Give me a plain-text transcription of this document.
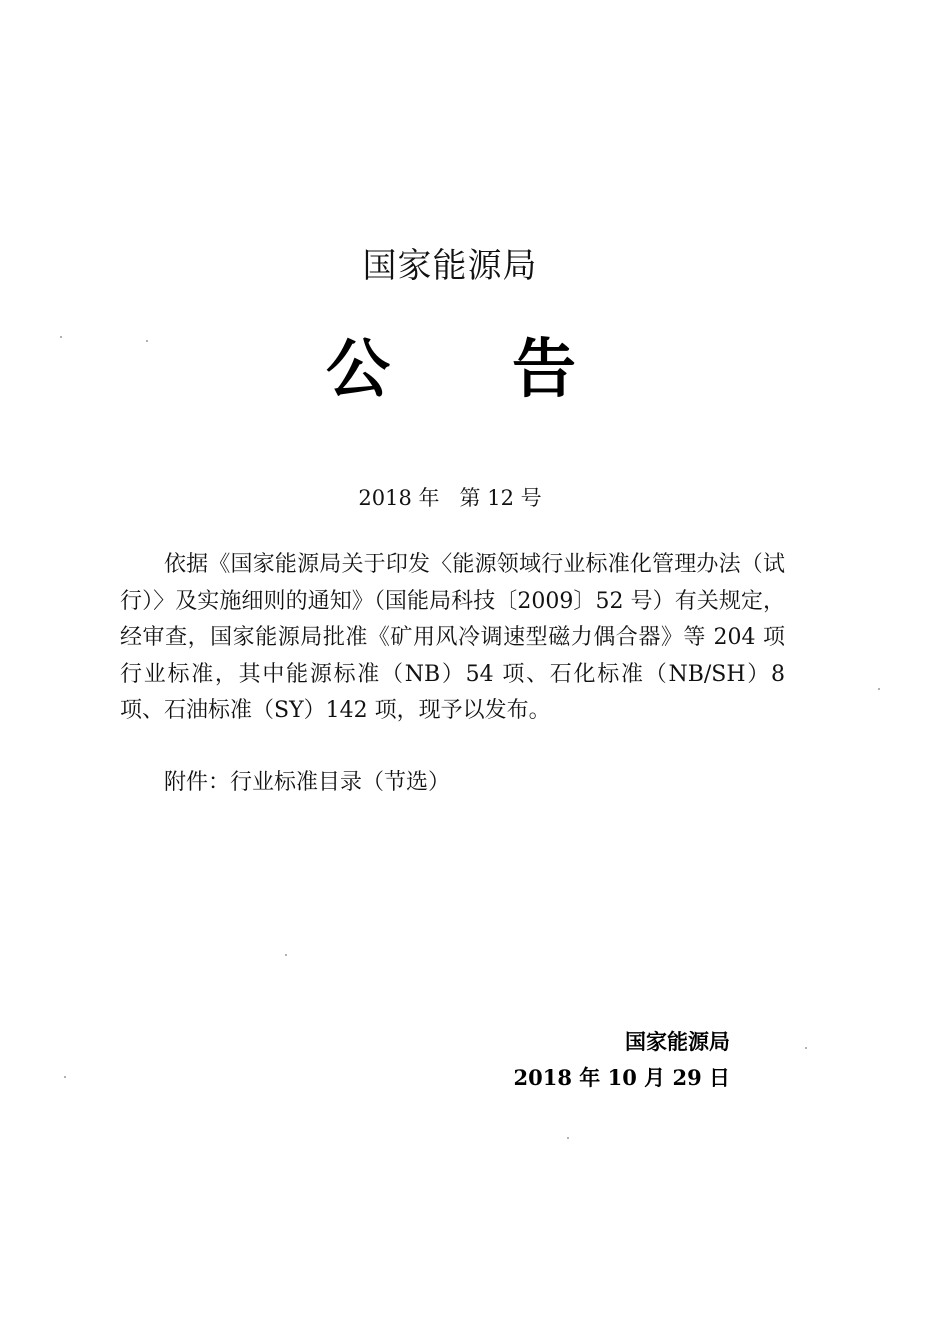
国家能源局
公 告
2018 年   第 12 号

依据《国家能源局关于印发〈能源领域行业标准化管理办法（试行）〉及实施细则的通知》（国能局科技〔2009〕52 号）有关规定，经审查，国家能源局批准《矿用风冷调速型磁力偶合器》等 204 项行业标准，其中能源标准（NB）54 项、石化标准（NB/SH）8 项、石油标准（SY）142 项，现予以发布。

附件：行业标准目录（节选）
国家能源局
2018 年 10 月 29 日
